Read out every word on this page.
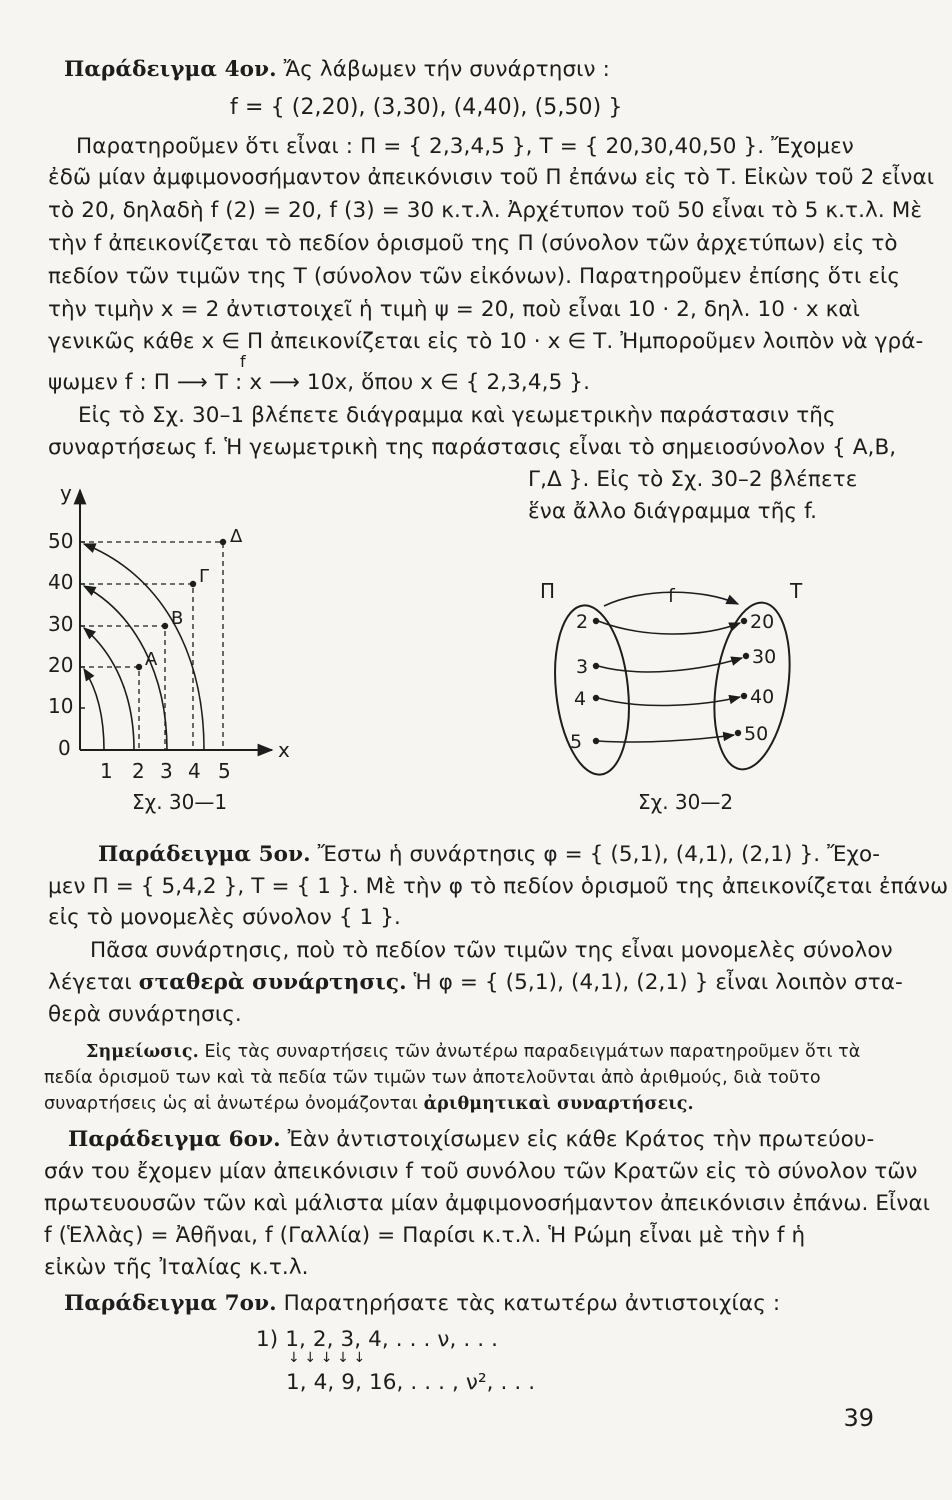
Παράδειγμα 4ον. Ἄς λάβωμεν τήν συνάρτησιν :
f = { (2,20), (3,30), (4,40), (5,50) }
Παρατηροῦμεν ὅτι εἶναι : Π = { 2,3,4,5 }, Τ = { 20,30,40,50 }. Ἔχομεν
ἐδῶ μίαν ἀμφιμονοσήμαντον ἀπεικόνισιν τοῦ Π ἐπάνω εἰς τὸ Τ. Εἰκὼν τοῦ 2 εἶναι
τὸ 20, δηλαδὴ f (2) = 20, f (3) = 30 κ.τ.λ. Ἀρχέτυπον τοῦ 50 εἶναι τὸ 5 κ.τ.λ. Μὲ
τὴν f ἀπεικονίζεται τὸ πεδίον ὁρισμοῦ της Π (σύνολον τῶν ἀρχετύπων) εἰς τὸ
πεδίον τῶν τιμῶν της Τ (σύνολον τῶν εἰκόνων). Παρατηροῦμεν ἐπίσης ὅτι εἰς
τὴν τιμὴν x = 2 ἀντιστοιχεῖ ἡ τιμὴ ψ = 20, ποὺ εἶναι 10 · 2, δηλ. 10 · x καὶ
γενικῶς κάθε x ∈ Π ἀπεικονίζεται εἰς τὸ 10 · x ∈ Τ. Ἠμποροῦμεν λοιπὸν νὰ γρά-
f
ψωμεν f : Π ⟶ Τ : x ⟶ 10x, ὅπου x ∈ { 2,3,4,5 }.
Εἰς τὸ Σχ. 30–1 βλέπετε διάγραμμα καὶ γεωμετρικὴν παράστασιν τῆς
συναρτήσεως f. Ἡ γεωμετρικὴ της παράστασις εἶναι τὸ σημειοσύνολον { Α,Β,
Γ,Δ }. Εἰς τὸ Σχ. 30–2 βλέπετε
ἕνα ἄλλο διάγραμμα τῆς f.
y
x
0
50
40
30
20
10
1 2 3 4 5
Α
Β
Γ
Δ
Σχ. 30—1
Π	Τ
f
2
3
4
5
20
30
40
50
Σχ. 30—2
Παράδειγμα 5ον. Ἔστω ἡ συνάρτησις φ = { (5,1), (4,1), (2,1) }. Ἔχο-
μεν Π = { 5,4,2 }, Τ = { 1 }. Μὲ τὴν φ τὸ πεδίον ὁρισμοῦ της ἀπεικονίζεται ἐπάνω
εἰς τὸ μονομελὲς σύνολον { 1 }.
Πᾶσα συνάρτησις, ποὺ τὸ πεδίον τῶν τιμῶν της εἶναι μονομελὲς σύνολον
λέγεται σταθερὰ συνάρτησις. Ἡ φ = { (5,1), (4,1), (2,1) } εἶναι λοιπὸν στα-
θερὰ συνάρτησις.
Σημείωσις. Εἰς τὰς συναρτήσεις τῶν ἀνωτέρω παραδειγμάτων παρατηροῦμεν ὅτι τὰ
πεδία ὁρισμοῦ των καὶ τὰ πεδία τῶν τιμῶν των ἀποτελοῦνται ἀπὸ ἀριθμούς, διὰ τοῦτο
συναρτήσεις ὡς αἱ ἀνωτέρω ὀνομάζονται ἀριθμητικαὶ συναρτήσεις.
Παράδειγμα 6ον. Ἐὰν ἀντιστοιχίσωμεν εἰς κάθε Κράτος τὴν πρωτεύου-
σάν του ἔχομεν μίαν ἀπεικόνισιν f τοῦ συνόλου τῶν Κρατῶν εἰς τὸ σύνολον τῶν
πρωτευουσῶν τῶν καὶ μάλιστα μίαν ἀμφιμονοσήμαντον ἀπεικόνισιν ἐπάνω. Εἶναι
f (Ἑλλὰς) = Ἀθῆναι, f (Γαλλία) = Παρίσι κ.τ.λ. Ἡ Ρώμη εἶναι μὲ τὴν f ἡ
εἰκὼν τῆς Ἰταλίας κ.τ.λ.
Παράδειγμα 7ον. Παρατηρήσατε τὰς κατωτέρω ἀντιστοιχίας :
1) 1, 2, 3, 4, . . . ν, . . .
↓ ↓ ↓ ↓ ↓
1, 4, 9, 16, . . . , ν², . . .
39
